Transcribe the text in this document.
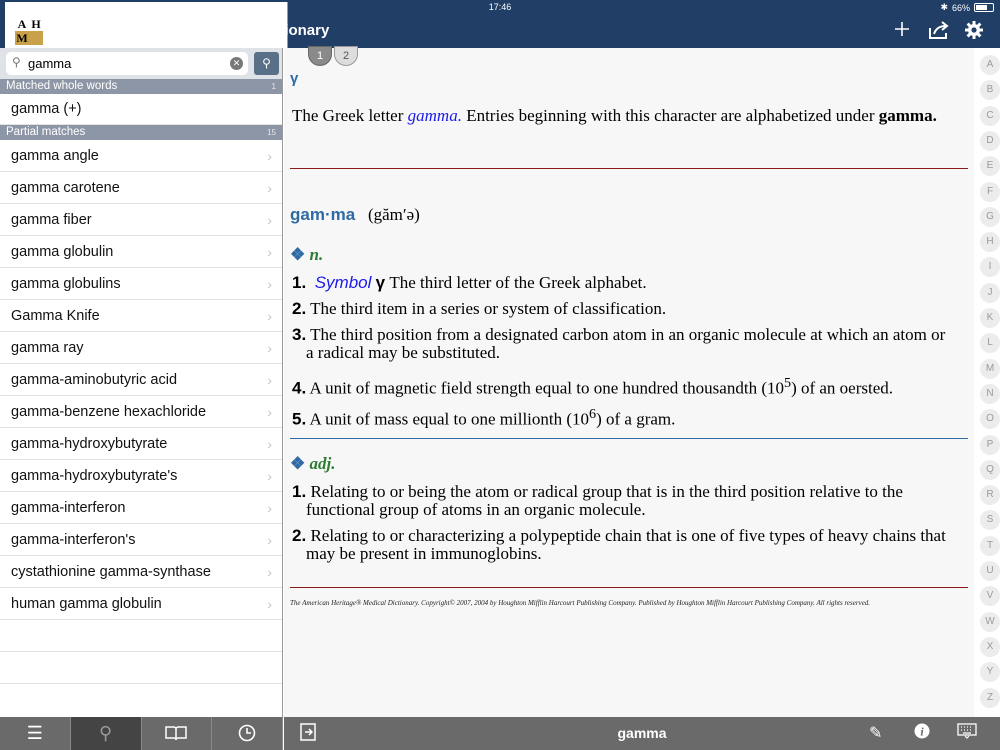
iPad ◔	17:46	✱ 66%
A H
M American Heritage® Medical Dictionary
⚲
gamma	✕	⚲
Matched whole words	1
gamma (+)
Partial matches	15
gamma angle	›
gamma carotene	›
gamma fiber	›
gamma globulin	›
gamma globulins	›
Gamma Knife	›
gamma ray	›
gamma-aminobutyric acid	›
gamma-benzene hexachloride	›
gamma-hydroxybutyrate	›
gamma-hydroxybutyrate's	›
gamma-interferon	›
gamma-interferon's	›
cystathionine gamma-synthase	›
human gamma globulin	›
1	2
γ
The Greek letter gamma. Entries beginning with this character are alphabetized under gamma.
gam·ma (găm′ə)
❖ n.
1. Symbol γ The third letter of the Greek alphabet.
2. The third item in a series or system of classification.
3. The third position from a designated carbon atom in an organic molecule at which an atom or a radical may be substituted.
4. A unit of magnetic field strength equal to one hundred thousandth $(10^5)$ of an oersted.
5. A unit of mass equal to one millionth $(10^6)$ of a gram.
❖ adj.
1. Relating to or being the atom or radical group that is in the third position relative to the functional group of atoms in an organic molecule.
2. Relating to or characterizing a polypeptide chain that is one of five types of heavy chains that may be present in immunoglobins.
The American Heritage® Medical Dictionary. Copyright© 2007, 2004 by Houghton Mifflin Harcourt Publishing Company. Published by Houghton Mifflin Harcourt Publishing Company. All rights reserved.
A
B
C
D
E
F
G
H
I
J
K
L
M
N
O
P
Q
R
S
T
U
V
W
X
Y
Z
☰	⚲	gamma	✎	i
